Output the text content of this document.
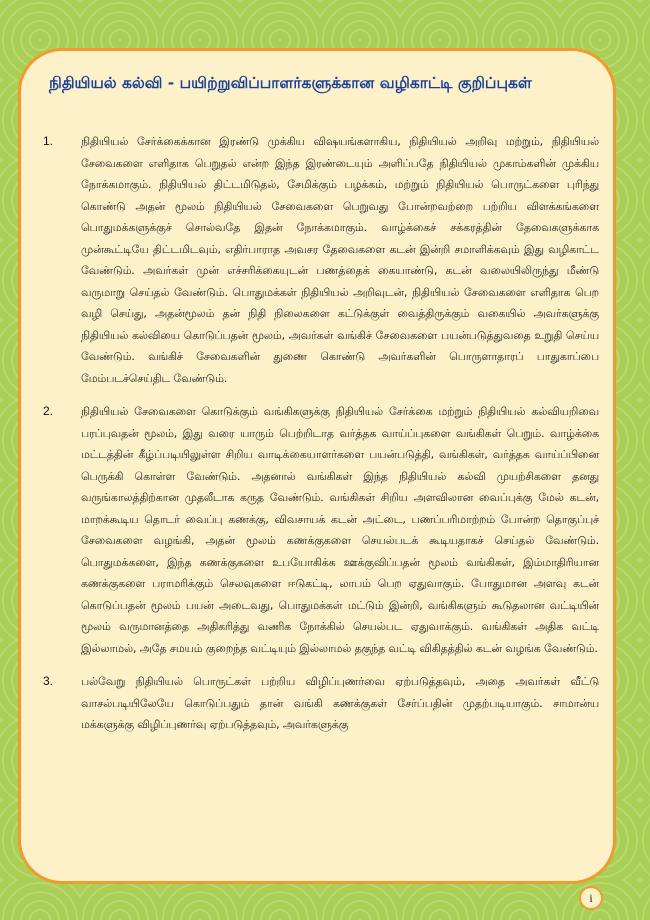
நிதியியல் கல்வி - பயிற்றுவிப்பாளர்களுக்கான வழிகாட்டி குறிப்புகள்
1.	நிதியியல் சேர்க்கைக்கான இரண்டு முக்கிய விஷயங்களாகிய, நிதியியல் அறிவு மற்றும், நிதியியல் சேவைகளை எளிதாக பெறுதல் என்ற இந்த இரண்டையும் அளிப்பதே நிதியியல் முகாம்களின் முக்கிய நோக்கமாகும். நிதியியல் திட்டமிடுதல், சேமிக்கும் பழக்கம், மற்றும் நிதியியல் பொருட்களை புரிந்து கொண்டு அதன் மூலம் நிதியியல் சேவைகளை பெறுவது போன்றவற்றை பற்றிய விளக்கங்களை பொதுமக்களுக்குச் சொல்வதே இதன் நோக்கமாகும். வாழ்க்கைச் சக்கரத்தின் தேவைகளுக்காக முன்கூட்டியே திட்டமிடவும், எதிர்பாராத அவசர தேவைகளை கடன் இன்றி சமாளிக்கவும் இது வழிகாட்ட வேண்டும். அவர்கள் முன் எச்சரிக்கையுடன் பணத்தைக் கையாண்டு, கடன் வலையிலிருந்து மீண்டு வருமாறு செய்தல் வேண்டும். பொதுமக்கள் நிதியியல் அறிவுடன், நிதியியல் சேவைகளை எளிதாக பெற வழி செய்து, அதன்மூலம் தன் நிதி நிலைகளை கட்டுக்குள் வைத்திருக்கும் வகையில் அவர்களுக்கு நிதியியல் கல்வியை கொடுப்பதன் மூலம், அவர்கள் வங்கிச் சேவைகளை பயன்படுத்துவதை உறுதி செய்ய வேண்டும். வங்கிச் சேவைகளின் துணை கொண்டு அவர்களின் பொருளாதாரப் பாதுகாப்பை மேம்படச்செய்திட வேண்டும்.

2.	நிதியியல் சேவைகளை கொடுக்கும் வங்கிகளுக்கு நிதியியல் சேர்க்கை மற்றும் நிதியியல் கல்வியறிவை பரப்புவதன் மூலம், இது வரை யாரும் பெற்றிடாத வர்த்தக வாய்ப்புகளை வங்கிகள் பெறும். வாழ்க்கை மட்டத்தின் கீழ்ப்படியிலுள்ள சிறிய வாடிக்கையாளர்களை பயன்படுத்தி, வங்கிகள், வர்த்தக வாய்ப்பினை பெருக்கி கொள்ள வேண்டும். அதனால் வங்கிகள் இந்த நிதியியல் கல்வி முயற்சிகளை தனது வருங்காலத்திற்கான முதலீடாக கருத வேண்டும். வங்கிகள் சிறிய அளவிலான வைப்புக்கு மேல் கடன், மாறக்கூடிய தொடர் வைப்பு கணக்கு, விவசாயக் கடன் அட்டை, பணப்பரிமாற்றம் போன்ற தொகுப்புச் சேவைகளை வழங்கி, அதன் மூலம் கணக்குகளை செயல்படக் கூடியதாகச் செய்தல் வேண்டும். பொதுமக்களை, இந்த கணக்குகளை உபயோகிக்க ஊக்குவிப்பதன் மூலம் வங்கிகள், இம்மாதிரியான கணக்குகளை பராமரிக்கும் செலவுகளை ஈடுகட்டி, லாபம் பெற ஏதுவாகும். போதுமான அளவு கடன் கொடுப்பதன் மூலம் பயன் அடைவது, பொதுமக்கள் மட்டும் இன்றி, வங்கிகளும் கூடுதலான வட்டியின் மூலம் வருமானத்தை அதிகரித்து வணிக நோக்கில் செயல்பட ஏதுவாக்கும். வங்கிகள் அதிக வட்டி இல்லாமல், அதே சமயம் குறைந்த வட்டியும் இல்லாமல் தகுந்த வட்டி விகிதத்தில் கடன் வழங்க வேண்டும்.

3.	பல்வேறு நிதியியல் பொருட்கள் பற்றிய விழிப்புணர்வை ஏற்படுத்தவும், அதை அவர்கள் வீட்டு வாசல்படியிலேயே கொடுப்பதும் தான் வங்கி கணக்குகள் சேர்ப்பதின் முதற்படியாகும். சாமான்ய மக்களுக்கு விழிப்புணர்வு ஏற்படுத்தவும், அவர்களுக்கு

i
